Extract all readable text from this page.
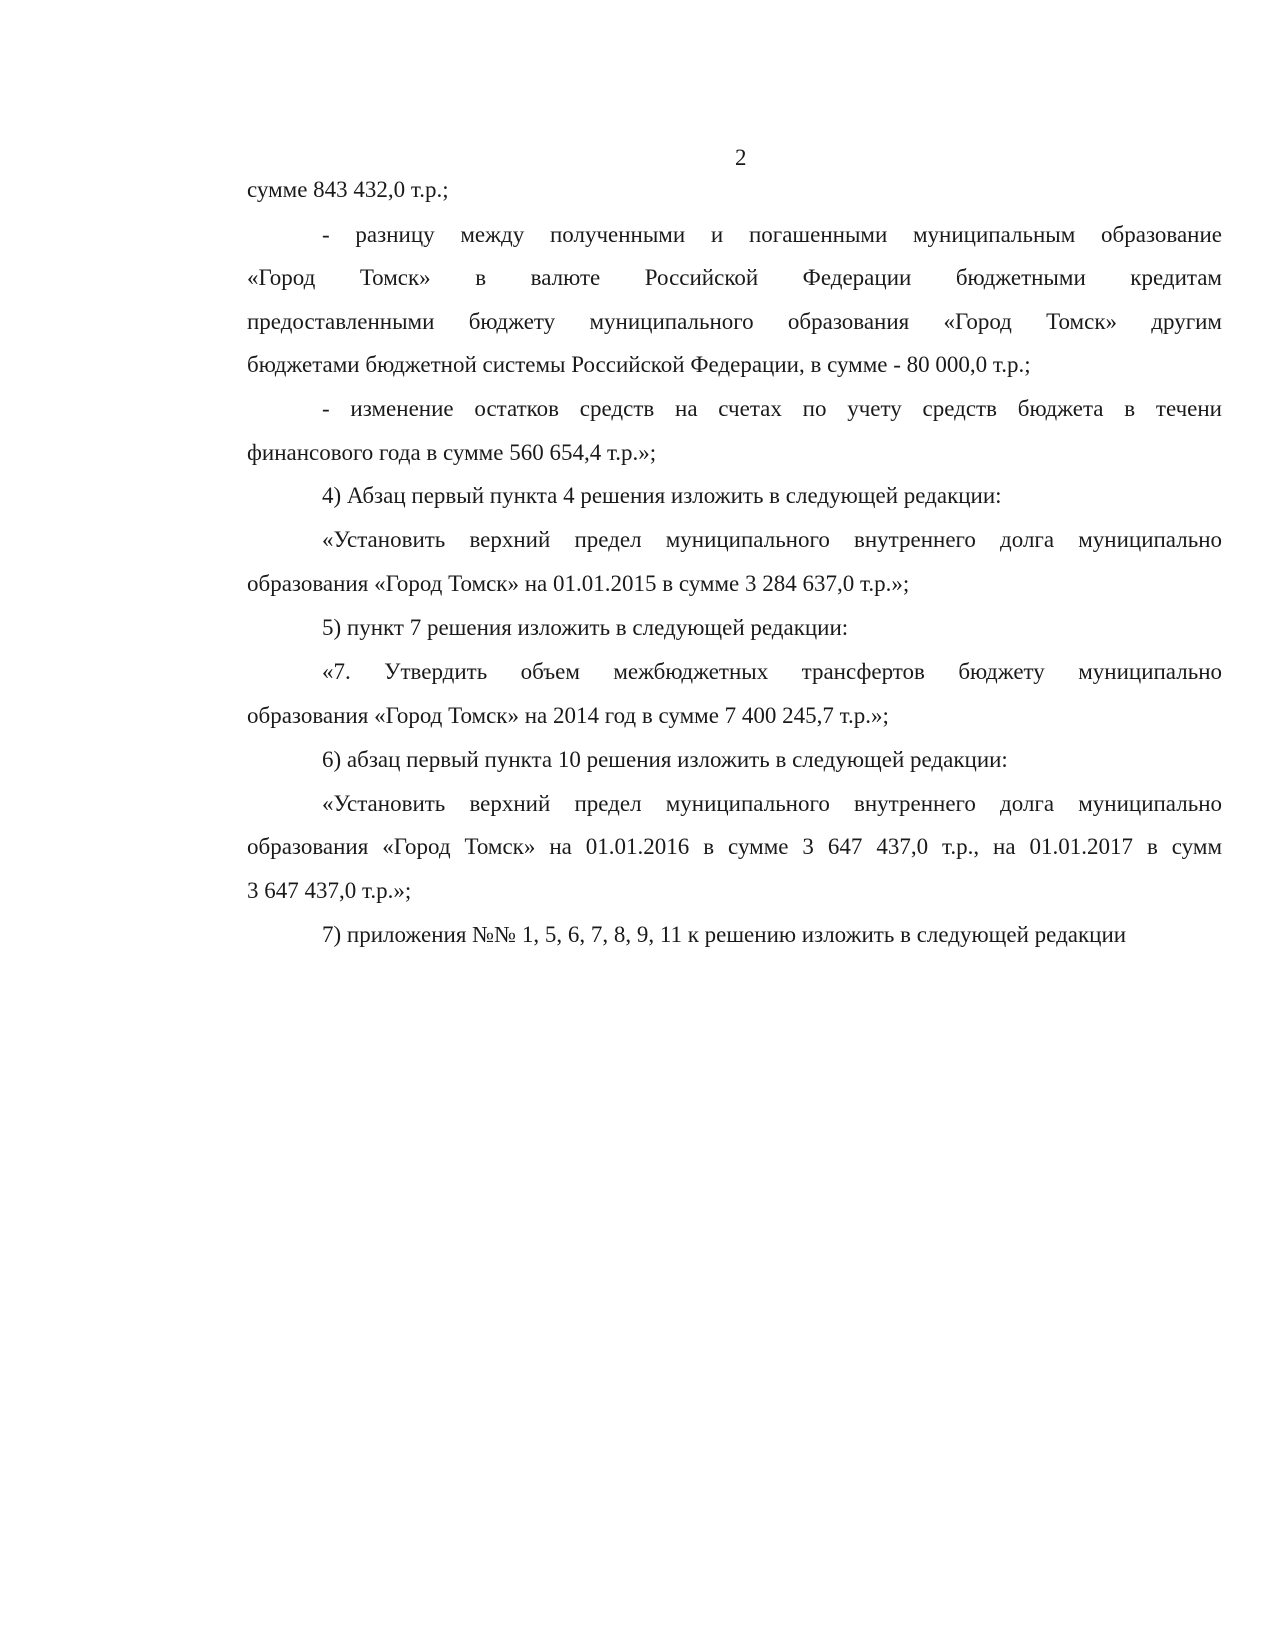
2
сумме 843 432,0 т.р.;
- разницу между полученными и погашенными муниципальным образование
«Город Томск» в валюте Российской Федерации бюджетными кредитам
предоставленными бюджету муниципального образования «Город Томск» другим
бюджетами бюджетной системы Российской Федерации, в сумме - 80 000,0 т.р.;
- изменение остатков средств на счетах по учету средств бюджета в течени
финансового года в сумме 560 654,4 т.р.»;
4) Абзац первый пункта 4 решения изложить в следующей редакции:
«Установить верхний предел муниципального внутреннего долга муниципально
образования «Город Томск» на 01.01.2015 в сумме 3 284 637,0 т.р.»;
5) пункт 7 решения изложить в следующей редакции:
«7. Утвердить объем межбюджетных трансфертов бюджету муниципально
образования «Город Томск» на 2014 год в сумме 7 400 245,7 т.р.»;
6) абзац первый пункта 10 решения изложить в следующей редакции:
«Установить верхний предел муниципального внутреннего долга муниципально
образования «Город Томск» на 01.01.2016 в сумме 3 647 437,0 т.р., на 01.01.2017 в сумм
3 647 437,0 т.р.»;
7) приложения №№ 1, 5, 6, 7, 8, 9, 11 к решению изложить в следующей редакции
